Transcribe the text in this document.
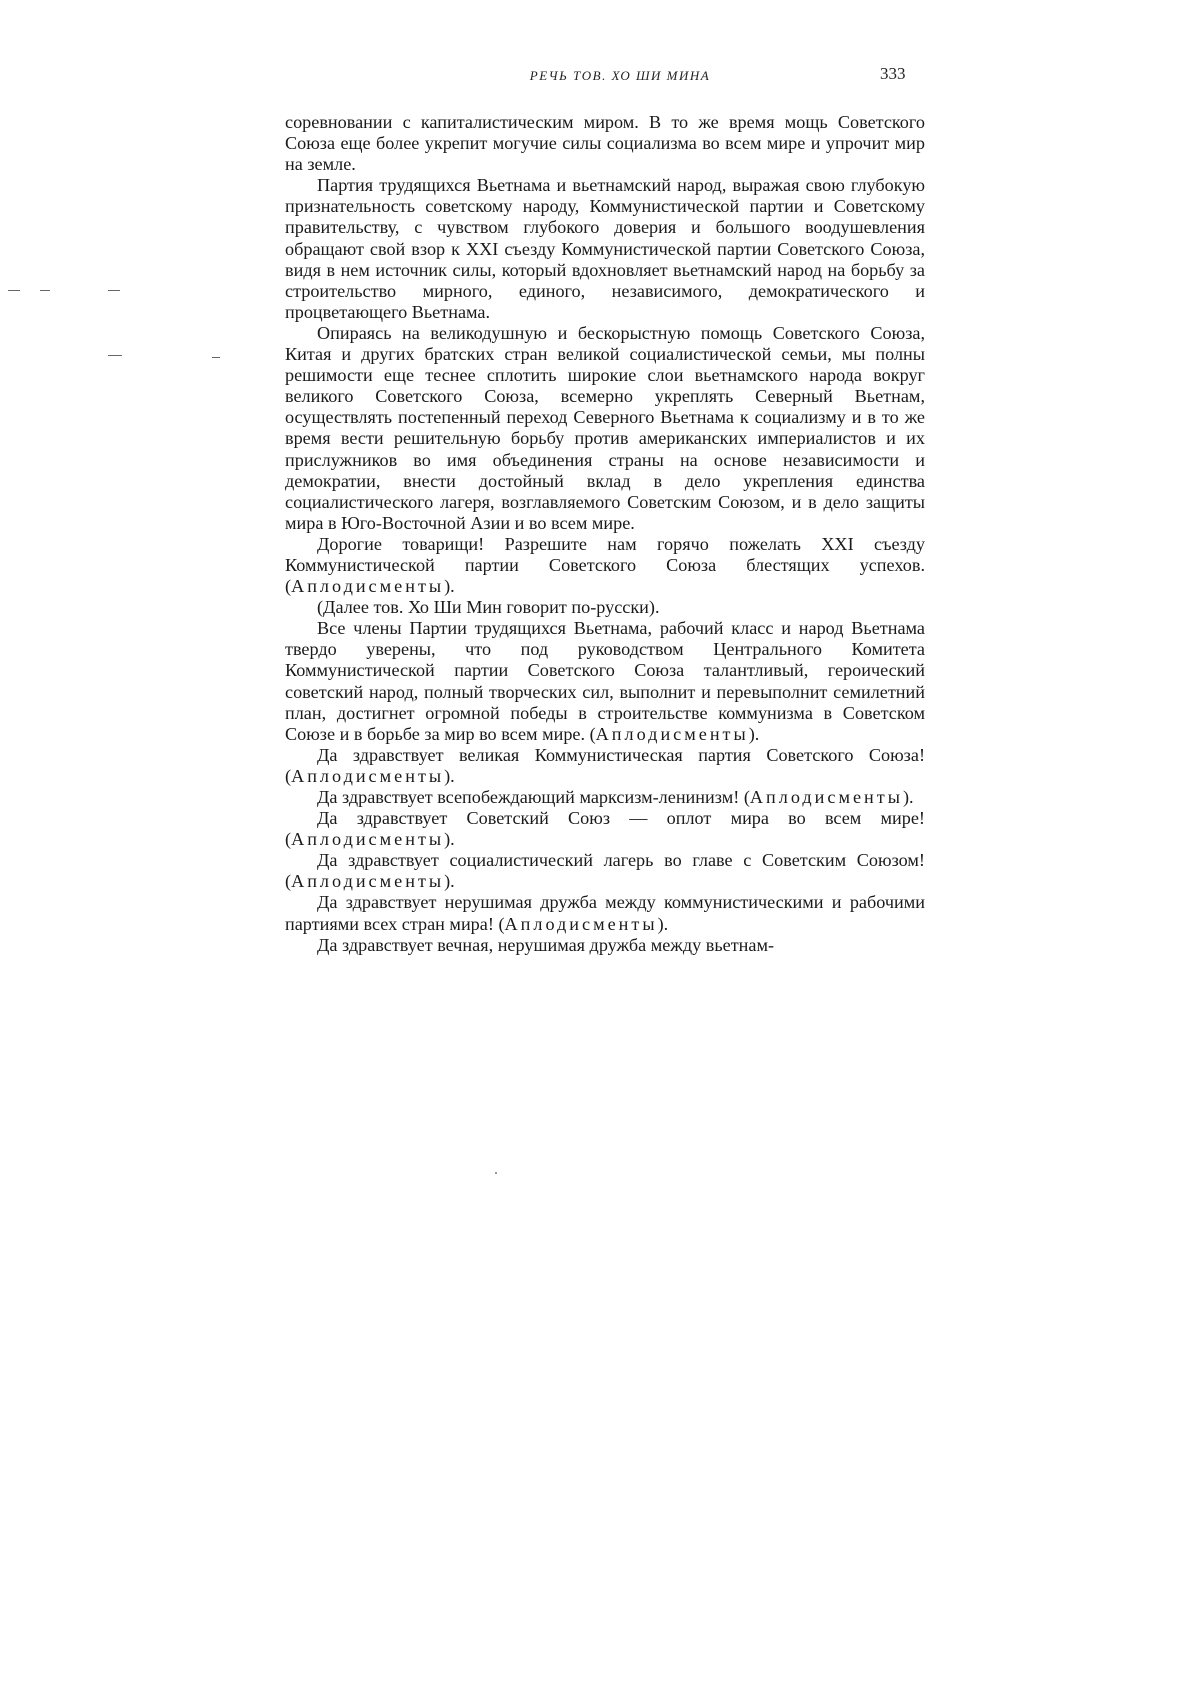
РЕЧЬ ТОВ. ХО ШИ МИНА	333

соревновании с капиталистическим миром. В то же время мощь Советского Союза еще более укрепит могучие силы социализма во всем мире и упрочит мир на земле.

Партия трудящихся Вьетнама и вьетнамский народ, выражая свою глубокую признательность советскому народу, Коммунистической партии и Советскому правительству, с чувством глубокого доверия и большого воодушевления обращают свой взор к XXI съезду Коммунистической партии Советского Союза, видя в нем источник силы, который вдохновляет вьетнамский народ на борьбу за строительство мирного, единого, независимого, демократического и процветающего Вьетнама.

Опираясь на великодушную и бескорыстную помощь Советского Союза, Китая и других братских стран великой социалистической семьи, мы полны решимости еще теснее сплотить широкие слои вьетнамского народа вокруг великого Советского Союза, всемерно укреплять Северный Вьетнам, осуществлять постепенный переход Северного Вьетнама к социализму и в то же время вести решительную борьбу против американских империалистов и их прислужников во имя объединения страны на основе независимости и демократии, внести достойный вклад в дело укрепления единства социалистического лагеря, возглавляемого Советским Союзом, и в дело защиты мира в Юго-Восточной Азии и во всем мире.

Дорогие товарищи! Разрешите нам горячо пожелать XXI съезду Коммунистической партии Советского Союза блестящих успехов. (Аплодисменты).

(Далее тов. Хо Ши Мин говорит по-русски).

Все члены Партии трудящихся Вьетнама, рабочий класс и народ Вьетнама твердо уверены, что под руководством Центрального Комитета Коммунистической партии Советского Союза талантливый, героический советский народ, полный творческих сил, выполнит и перевыполнит семилетний план, достигнет огромной победы в строительстве коммунизма в Советском Союзе и в борьбе за мир во всем мире. (Аплодисменты).

Да здравствует великая Коммунистическая партия Советского Союза! (Аплодисменты).

Да здравствует всепобеждающий марксизм-ленинизм! (Аплодисменты).

Да здравствует Советский Союз — оплот мира во всем мире! (Аплодисменты).

Да здравствует социалистический лагерь во главе с Советским Союзом! (Аплодисменты).

Да здравствует нерушимая дружба между коммунистическими и рабочими партиями всех стран мира! (Аплодисменты).

Да здравствует вечная, нерушимая дружба между вьетнам-
